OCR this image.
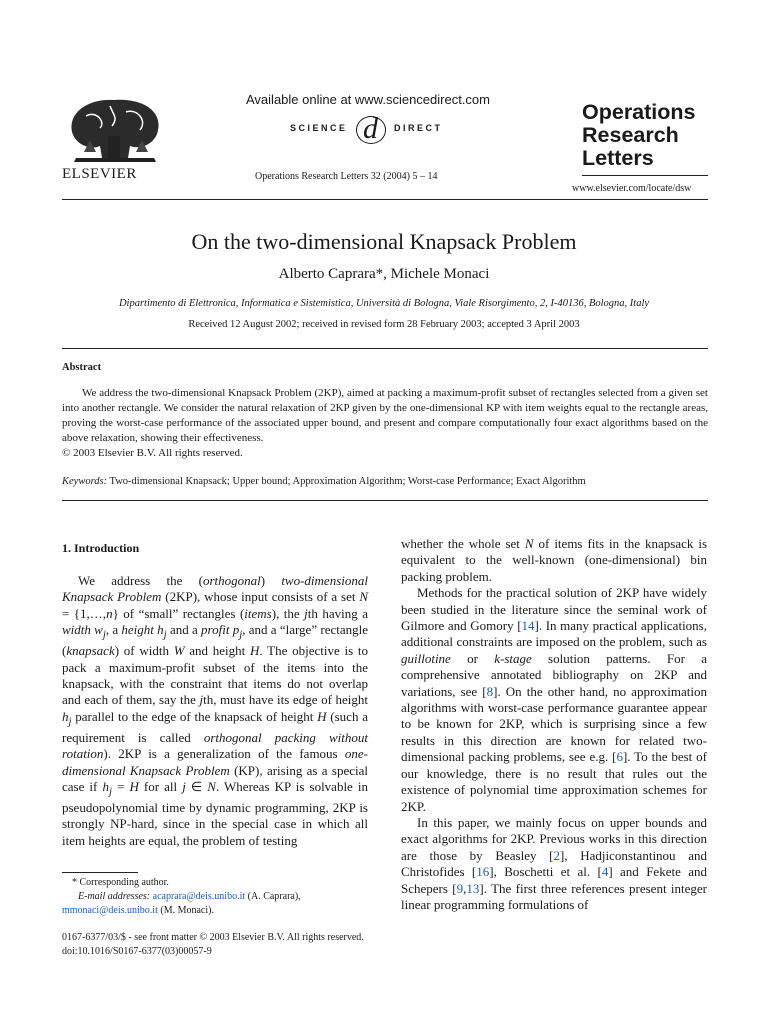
ELSEVIER
Available online at www.sciencedirect.com
SCIENCE d DIRECT
Operations Research Letters 32 (2004) 5 – 14
Operations
Research
Letters
www.elsevier.com/locate/dsw
On the two-dimensional Knapsack Problem
Alberto Caprara*, Michele Monaci
Dipartimento di Elettronica, Informatica e Sistemistica, Università di Bologna, Viale Risorgimento, 2, I-40136, Bologna, Italy
Received 12 August 2002; received in revised form 28 February 2003; accepted 3 April 2003
Abstract
We address the two-dimensional Knapsack Problem (2KP), aimed at packing a maximum-profit subset of rectangles selected from a given set into another rectangle. We consider the natural relaxation of 2KP given by the one-dimensional KP with item weights equal to the rectangle areas, proving the worst-case performance of the associated upper bound, and present and compare computationally four exact algorithms based on the above relaxation, showing their effectiveness.
© 2003 Elsevier B.V. All rights reserved.
Keywords: Two-dimensional Knapsack; Upper bound; Approximation Algorithm; Worst-case Performance; Exact Algorithm
1. Introduction

We address the (orthogonal) two-dimensional Knapsack Problem (2KP), whose input consists of a set N = {1,…,n} of “small” rectangles (items), the jth having a width $w_j$, a height $h_j$ and a profit $p_j$, and a “large” rectangle (knapsack) of width W and height H. The objective is to pack a maximum-profit subset of the items into the knapsack, with the constraint that items do not overlap and each of them, say the jth, must have its edge of height $h_j$ parallel to the edge of the knapsack of height H (such a requirement is called orthogonal packing without rotation). 2KP is a generalization of the famous one-dimensional Knapsack Problem (KP), arising as a special case if $h_j = H$ for all j ∈ N. Whereas KP is solvable in pseudopolynomial time by dynamic programming, 2KP is strongly NP-hard, since in the special case in which all item heights are equal, the problem of testing

whether the whole set N of items fits in the knapsack is equivalent to the well-known (one-dimensional) bin packing problem.

Methods for the practical solution of 2KP have widely been studied in the literature since the seminal work of Gilmore and Gomory [14]. In many practical applications, additional constraints are imposed on the problem, such as guillotine or k-stage solution patterns. For a comprehensive annotated bibliography on 2KP and variations, see [8]. On the other hand, no approximation algorithms with worst-case performance guarantee appear to be known for 2KP, which is surprising since a few results in this direction are known for related two-dimensional packing problems, see e.g. [6]. To the best of our knowledge, there is no result that rules out the existence of polynomial time approximation schemes for 2KP.

In this paper, we mainly focus on upper bounds and exact algorithms for 2KP. Previous works in this direction are those by Beasley [2], Hadjiconstantinou and Christofides [16], Boschetti et al. [4] and Fekete and Schepers [9,13]. The first three references present integer linear programming formulations of

* Corresponding author.
E-mail addresses: acaprara@deis.unibo.it (A. Caprara),
mmonaci@deis.unibo.it (M. Monaci).
0167-6377/03/$ - see front matter © 2003 Elsevier B.V. All rights reserved.
doi:10.1016/S0167-6377(03)00057-9
